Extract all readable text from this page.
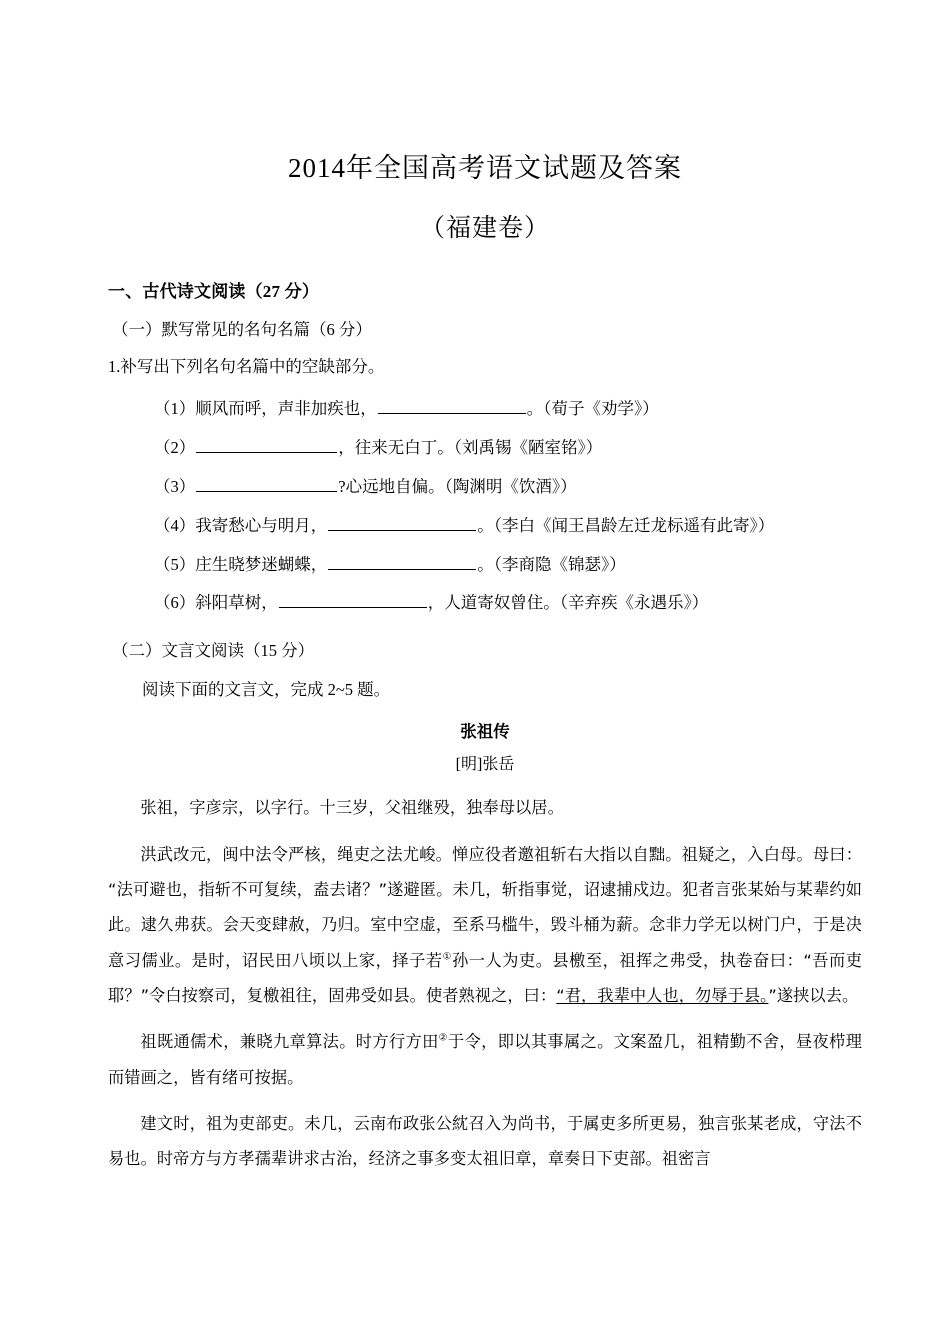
2014年全国高考语文试题及答案
（福建卷）
一、古代诗文阅读（27 分）

（一）默写常见的名句名篇（6 分）

1.补写出下列名句名篇中的空缺部分。

（1）顺风而呼，声非加疾也，	。（荀子《劝学》）
（2）	，往来无白丁。（刘禹锡《陋室铭》）
（3）	?心远地自偏。（陶渊明《饮酒》）
（4）我寄愁心与明月，	。（李白《闻王昌龄左迁龙标遥有此寄》）
（5）庄生晓梦迷蝴蝶，	。（李商隐《锦瑟》）
（6）斜阳草树，	，人道寄奴曾住。（辛弃疾《永遇乐》）

（二）文言文阅读（15 分）

阅读下面的文言文，完成 2~5 题。

张祖传

[明]张岳

张祖，字彦宗，以字行。十三岁，父祖继殁，独奉母以居。

洪武改元，闽中法令严核，绳吏之法尤峻。惮应役者邀祖斩右大指以自黜。祖疑之，入白母。母曰：“法可避也，指斩不可复续，盍去诸？”遂避匿。未几，斩指事觉，诏逮捕戍边。犯者言张某始与某辈约如此。逮久弗获。会天变肆赦，乃归。室中空虚，至系马槛牛，毁斗桶为薪。念非力学无以树门户，于是决意习儒业。是时，诏民田八顷以上家，择子若①孙一人为吏。县檄至，祖挥之弗受，执卷奋曰：“吾而吏耶？”令白按察司，复檄祖往，固弗受如县。使者熟视之，曰：“君，我辈中人也，勿辱于县。”遂挟以去。

祖既通儒术，兼晓九章算法。时方行方田②于令，即以其事属之。文案盈几，祖精勤不舍，昼夜栉理而错画之，皆有绪可按据。

建文时，祖为吏部吏。未几，云南布政张公紞召入为尚书，于属吏多所更易，独言张某老成，守法不易也。时帝方与方孝孺辈讲求古治，经济之事多变太祖旧章，章奏日下吏部。祖密言
